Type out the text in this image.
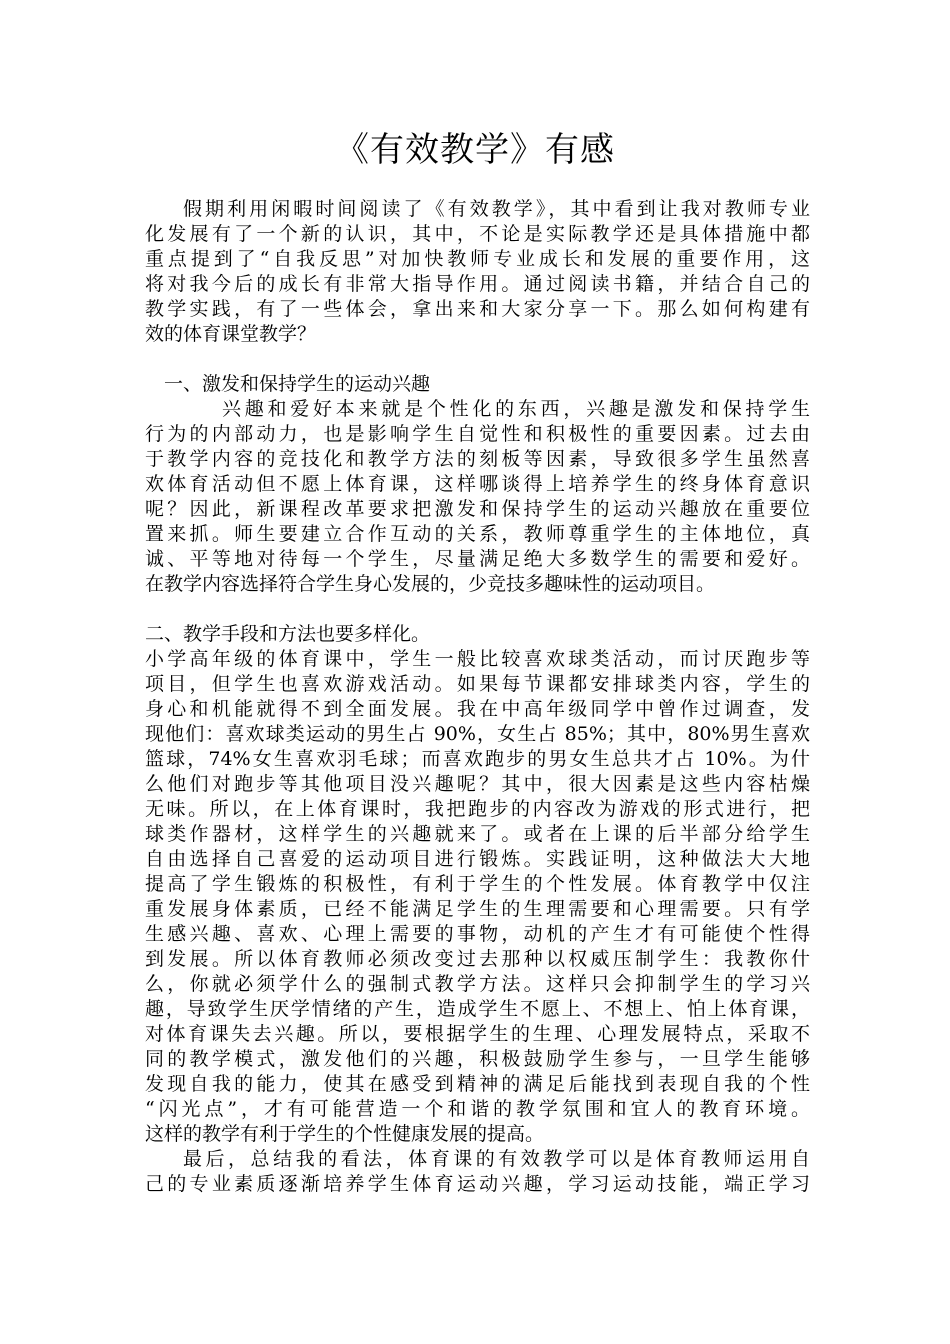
《有效教学》有感
假期利用闲暇时间阅读了《有效教学》，其中看到让我对教师专业
化发展有了一个新的认识，其中，不论是实际教学还是具体措施中都
重点提到了“自我反思”对加快教师专业成长和发展的重要作用，这
将对我今后的成长有非常大指导作用。通过阅读书籍，并结合自己的
教学实践，有了一些体会，拿出来和大家分享一下。那么如何构建有
效的体育课堂教学？
一、激发和保持学生的运动兴趣
兴趣和爱好本来就是个性化的东西，兴趣是激发和保持学生
行为的内部动力，也是影响学生自觉性和积极性的重要因素。过去由
于教学内容的竞技化和教学方法的刻板等因素，导致很多学生虽然喜
欢体育活动但不愿上体育课，这样哪谈得上培养学生的终身体育意识
呢？因此，新课程改革要求把激发和保持学生的运动兴趣放在重要位
置来抓。师生要建立合作互动的关系，教师尊重学生的主体地位，真
诚、平等地对待每一个学生，尽量满足绝大多数学生的需要和爱好。
在教学内容选择符合学生身心发展的，少竞技多趣味性的运动项目。
二、教学手段和方法也要多样化。
小学高年级的体育课中，学生一般比较喜欢球类活动，而讨厌跑步等
项目，但学生也喜欢游戏活动。如果每节课都安排球类内容，学生的
身心和机能就得不到全面发展。我在中高年级同学中曾作过调查，发
现他们：喜欢球类运动的男生占 90%，女生占 85%；其中，80%男生喜欢
篮球，74%女生喜欢羽毛球；而喜欢跑步的男女生总共才占 10%。为什
么他们对跑步等其他项目没兴趣呢？其中，很大因素是这些内容枯燥
无味。所以，在上体育课时，我把跑步的内容改为游戏的形式进行，把
球类作器材，这样学生的兴趣就来了。或者在上课的后半部分给学生
自由选择自己喜爱的运动项目进行锻炼。实践证明，这种做法大大地
提高了学生锻炼的积极性，有利于学生的个性发展。体育教学中仅注
重发展身体素质，已经不能满足学生的生理需要和心理需要。只有学
生感兴趣、喜欢、心理上需要的事物，动机的产生才有可能使个性得
到发展。所以体育教师必须改变过去那种以权威压制学生：我教你什
么，你就必须学什么的强制式教学方法。这样只会抑制学生的学习兴
趣，导致学生厌学情绪的产生，造成学生不愿上、不想上、怕上体育课，
对体育课失去兴趣。所以，要根据学生的生理、心理发展特点，采取不
同的教学模式，激发他们的兴趣，积极鼓励学生参与，一旦学生能够
发现自我的能力，使其在感受到精神的满足后能找到表现自我的个性
“闪光点”，才有可能营造一个和谐的教学氛围和宜人的教育环境。
这样的教学有利于学生的个性健康发展的提高。
最后，总结我的看法，体育课的有效教学可以是体育教师运用自
己的专业素质逐渐培养学生体育运动兴趣，学习运动技能，端正学习
